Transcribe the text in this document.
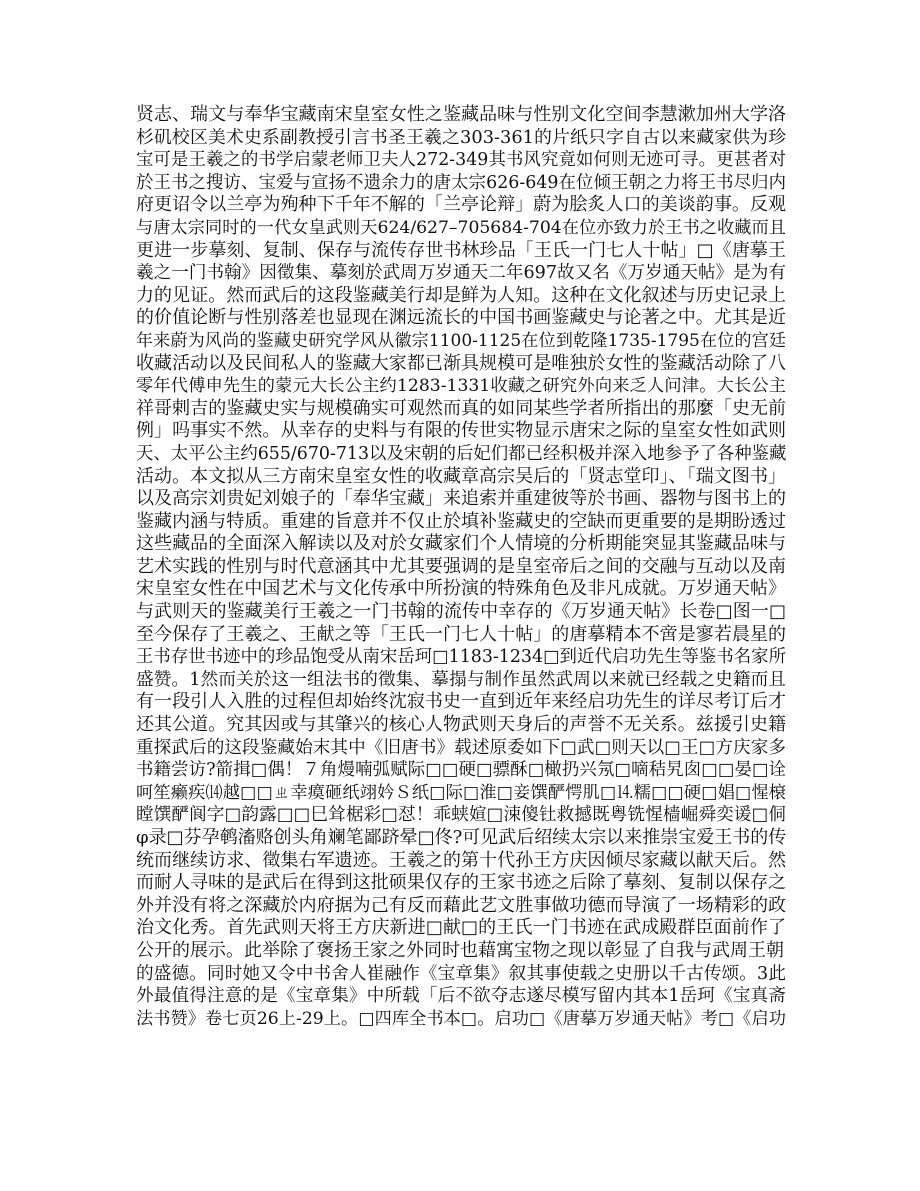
贤志、瑞文与奉华宝藏南宋皇室女性之鉴藏品味与性别文化空间李慧漱加州大学洛
杉矶校区美术史系副教授引言书圣王羲之303-361的片纸只字自古以来藏家供为珍
宝可是王羲之的书学启蒙老师卫夫人272-349其书风究竟如何则无迹可寻。更甚者对
於王书之搜访、宝爱与宣扬不遗余力的唐太宗626-649在位倾王朝之力将王书尽归内
府更诏令以兰亭为殉种下千年不解的「兰亭论辩」蔚为脍炙人口的美谈韵事。反观
与唐太宗同时的一代女皇武则天624/627–705684-704在位亦致力於王书之收藏而且
更进一步摹刻、复制、保存与流传存世书林珍品「王氏一门七人十帖」□《唐摹王
羲之一门书翰》因徵集、摹刻於武周万岁通天二年697故又名《万岁通天帖》是为有
力的见证。然而武后的这段鉴藏美行却是鲜为人知。这种在文化叙述与历史记录上
的价值论断与性别落差也显现在渊远流长的中国书画鉴藏史与论著之中。尤其是近
年来蔚为风尚的鉴藏史研究学风从徽宗1100-1125在位到乾隆1735-1795在位的宫廷
收藏活动以及民间私人的鉴藏大家都已渐具规模可是唯独於女性的鉴藏活动除了八
零年代傅申先生的蒙元大长公主约1283-1331收藏之研究外向来乏人问津。大长公主
祥哥剌吉的鉴藏史实与规模确实可观然而真的如同某些学者所指出的那麼「史无前
例」吗事实不然。从幸存的史料与有限的传世实物显示唐宋之际的皇室女性如武则
天、太平公主约655/670-713以及宋朝的后妃们都已经积极并深入地参予了各种鉴藏
活动。本文拟从三方南宋皇室女性的收藏章高宗吴后的「贤志堂印」、「瑞文图书」
以及高宗刘贵妃刘娘子的「奉华宝藏」来追索并重建彼等於书画、器物与图书上的
鉴藏内涵与特质。重建的旨意并不仅止於填补鉴藏史的空缺而更重要的是期盼透过
这些藏品的全面深入解读以及对於女藏家们个人情境的分析期能突显其鉴藏品味与
艺术实践的性别与时代意涵其中尤其要强调的是皇室帝后之间的交融与互动以及南
宋皇室女性在中国艺术与文化传承中所扮演的特殊角色及非凡成就。万岁通天帖》
与武则天的鉴藏美行王羲之一门书翰的流传中幸存的《万岁通天帖》长卷□图一□
至今保存了王羲之、王献之等「王氏一门七人十帖」的唐摹精本不啻是寥若晨星的
王书存世书迹中的珍品饱受从南宋岳珂□1183-1234□到近代启功先生等鉴书名家所
盛赞。1然而关於这一组法书的徵集、摹搨与制作虽然武周以来就已经载之史籍而且
有一段引人入胜的过程但却始终沈寂书史一直到近年来经启功先生的详尽考订后才
还其公道。究其因或与其肇兴的核心人物武则天身后的声誉不无关系。兹援引史籍
重探武后的这段鉴藏始末其中《旧唐书》载述原委如下□武□则天以□王□方庆家多
书籍尝访?箭揖□偶！７角熳喃弧赋际□□硬□骠酥□橄扔兴氖□嘀秸旯囱□□晏□诠
呵笙癞疾⒁越□□ㄓ幸瘼砸纸翊妗Ｓ纸□际□淮□妾馔酽愕肌□⒕糯□□硬□娼□惺榱
瞠馔酽阆字□韵露□□巳耸椐彩□怼！乖蛱媗□涑傻钍救撼既粤铣惺樯崛舜奕谖□侗
φ录□芬孕鹌滀赂创头角斓笔鄙跻晕□佟?可见武后绍续太宗以来推崇宝爱王书的传
统而继续访求、徵集右军遗迹。王羲之的第十代孙王方庆因倾尽家藏以献天后。然
而耐人寻味的是武后在得到这批硕果仅存的王家书迹之后除了摹刻、复制以保存之
外并没有将之深藏於内府据为己有反而藉此艺文胜事做功德而导演了一场精彩的政
治文化秀。首先武则天将王方庆新进□献□的王氏一门书迹在武成殿群臣面前作了
公开的展示。此举除了褒扬王家之外同时也藉寓宝物之现以彰显了自我与武周王朝
的盛德。同时她又令中书舍人崔融作《宝章集》叙其事使载之史册以千古传颂。3此
外最值得注意的是《宝章集》中所载「后不欲夺志遂尽模写留内其本1岳珂《宝真斋
法书赞》卷七页26上-29上。□四库全书本□。启功□《唐摹万岁通天帖》考□《启功
